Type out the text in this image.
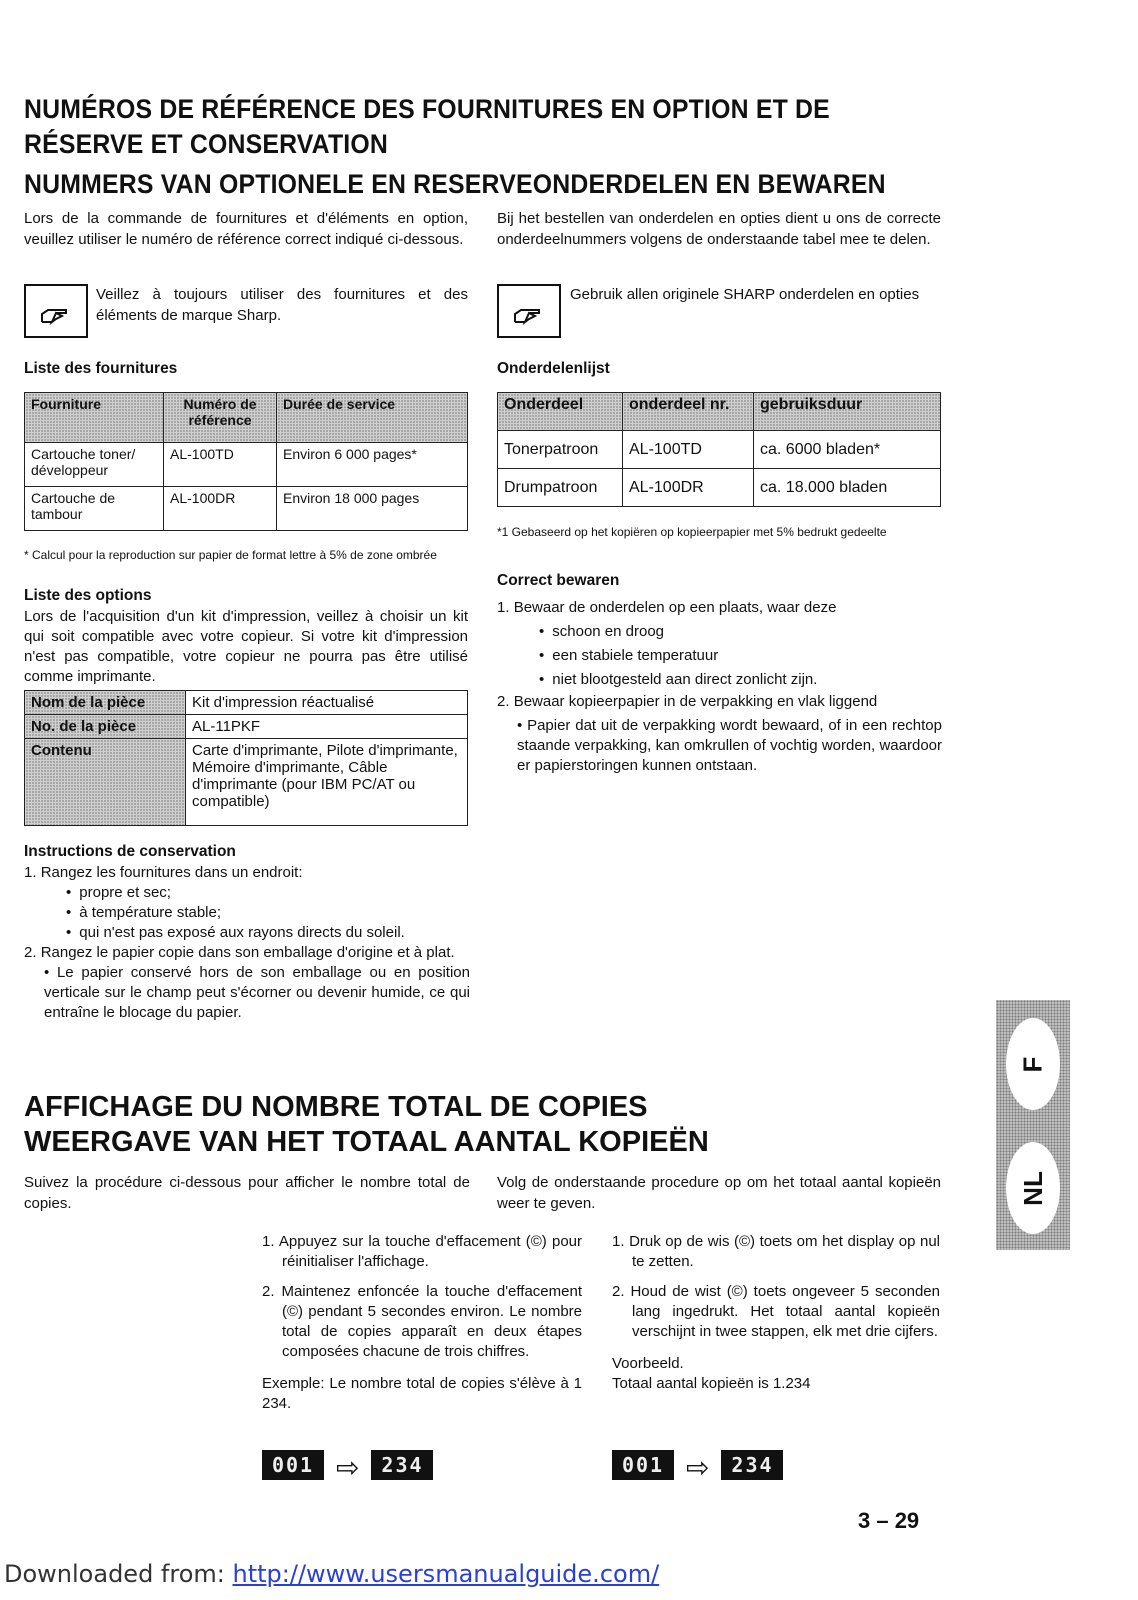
NUMÉROS DE RÉFÉRENCE DES FOURNITURES EN OPTION ET DE
RÉSERVE ET CONSERVATION
NUMMERS VAN OPTIONELE EN RESERVEONDERDELEN EN BEWAREN
Lors de la commande de fournitures et d'éléments en option, veuillez utiliser le numéro de référence correct indiqué ci-dessous.
Veillez à toujours utiliser des fournitures et des éléments de marque Sharp.
Liste des fournitures
Fourniture	Numéro de référence	Durée de service
Cartouche toner/ développeur	AL-100TD	Environ 6 000 pages*
Cartouche de tambour	AL-100DR	Environ 18 000 pages
* Calcul pour la reproduction sur papier de format lettre à 5% de zone ombrée
Liste des options
Lors de l'acquisition d'un kit d'impression, veillez à choisir un kit qui soit compatible avec votre copieur. Si votre kit d'impression n'est pas compatible, votre copieur ne pourra pas être utilisé comme imprimante.
Nom de la pièce	Kit d'impression réactualisé
No. de la pièce	AL-11PKF
Contenu	Carte d'imprimante, Pilote d'imprimante, Mémoire d'imprimante, Câble d'imprimante (pour IBM PC/AT ou compatible)
Instructions de conservation
1. Rangez les fournitures dans un endroit:
• propre et sec;
• à température stable;
• qui n'est pas exposé aux rayons directs du soleil.
2. Rangez le papier copie dans son emballage d'origine et à plat.
• Le papier conservé hors de son emballage ou en position verticale sur le champ peut s'écorner ou devenir humide, ce qui entraîne le blocage du papier.
Bij het bestellen van onderdelen en opties dient u ons de correcte onderdeelnummers volgens de onderstaande tabel mee te delen.
Gebruik allen originele SHARP onderdelen en opties
Onderdelenlijst
Onderdeel	onderdeel nr.	gebruiksduur
Tonerpatroon	AL-100TD	ca. 6000 bladen*
Drumpatroon	AL-100DR	ca. 18.000 bladen
*1 Gebaseerd op het kopiëren op kopieerpapier met 5% bedrukt gedeelte
Correct bewaren
1. Bewaar de onderdelen op een plaats, waar deze
• schoon en droog
• een stabiele temperatuur
• niet blootgesteld aan direct zonlicht zijn.
2. Bewaar kopieerpapier in de verpakking en vlak liggend
• Papier dat uit de verpakking wordt bewaard, of in een rechtop staande verpakking, kan omkrullen of vochtig worden, waardoor er papierstoringen kunnen ontstaan.
F
NL
AFFICHAGE DU NOMBRE TOTAL DE COPIES
WEERGAVE VAN HET TOTAAL AANTAL KOPIEËN
Suivez la procédure ci-dessous pour afficher le nombre total de copies.
Volg de onderstaande procedure op om het totaal aantal kopieën weer te geven.
1. Appuyez sur la touche d'effacement (©) pour réinitialiser l'affichage.
2. Maintenez enfoncée la touche d'effacement (©) pendant 5 secondes environ. Le nombre total de copies apparaît en deux étapes composées chacune de trois chiffres.
Exemple: Le nombre total de copies s'élève à 1 234.
1. Druk op de wis (©) toets om het display op nul te zetten.
2. Houd de wist (©) toets ongeveer 5 seconden lang ingedrukt. Het totaal aantal kopieën verschijnt in twee stappen, elk met drie cijfers.
Voorbeeld.
Totaal aantal kopieën is 1.234
001 ⇨ 234	001 ⇨ 234
3 – 29
Downloaded from: http://www.usersmanualguide.com/
